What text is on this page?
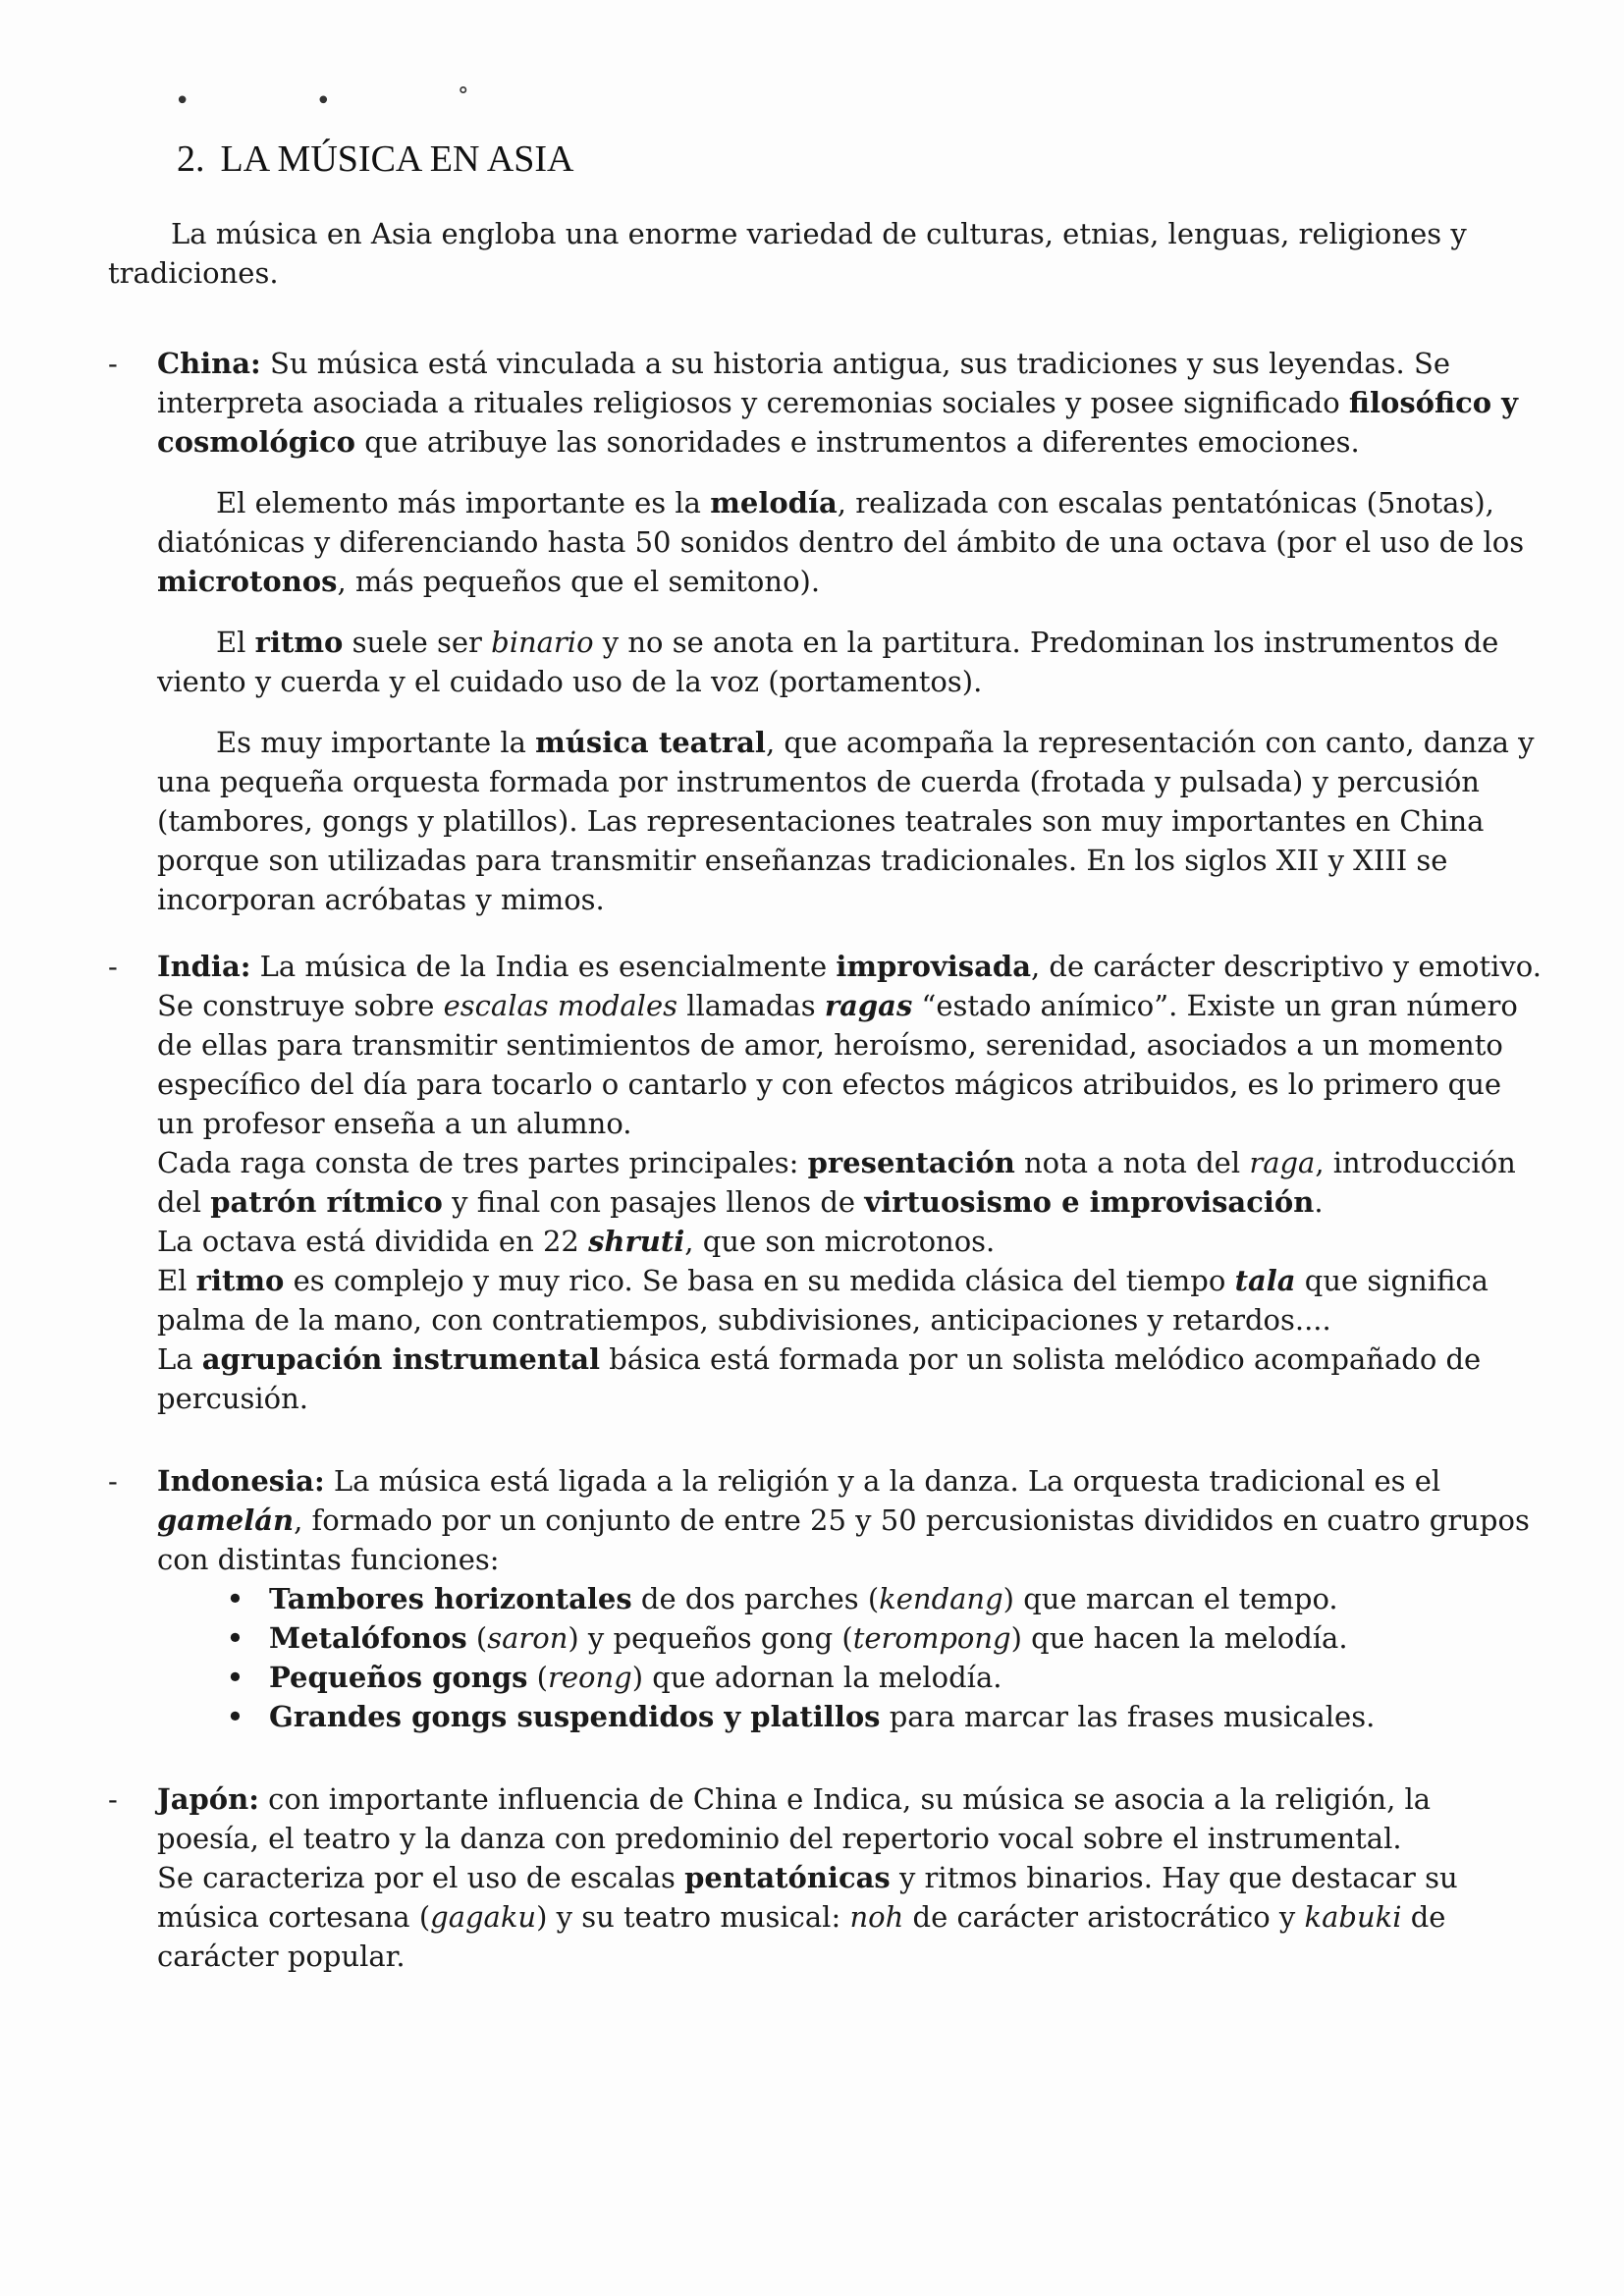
• • ˚
2. LA MÚSICA EN ASIA

La música en Asia engloba una enorme variedad de culturas, etnias, lenguas, religiones y tradiciones.

- China: Su música está vinculada a su historia antigua, sus tradiciones y sus leyendas. Se interpreta asociada a rituales religiosos y ceremonias sociales y posee significado filosófico y cosmológico que atribuye las sonoridades e instrumentos a diferentes emociones.

El elemento más importante es la melodía, realizada con escalas pentatónicas (5notas), diatónicas y diferenciando hasta 50 sonidos dentro del ámbito de una octava (por el uso de los microtonos, más pequeños que el semitono).

El ritmo suele ser binario y no se anota en la partitura. Predominan los instrumentos de viento y cuerda y el cuidado uso de la voz (portamentos).

Es muy importante la música teatral, que acompaña la representación con canto, danza y una pequeña orquesta formada por instrumentos de cuerda (frotada y pulsada) y percusión (tambores, gongs y platillos). Las representaciones teatrales son muy importantes en China porque son utilizadas para transmitir enseñanzas tradicionales. En los siglos XII y XIII se incorporan acróbatas y mimos.

- India: La música de la India es esencialmente improvisada, de carácter descriptivo y emotivo. Se construye sobre escalas modales llamadas ragas “estado anímico”. Existe un gran número de ellas para transmitir sentimientos de amor, heroísmo, serenidad, asociados a un momento específico del día para tocarlo o cantarlo y con efectos mágicos atribuidos, es lo primero que un profesor enseña a un alumno.

Cada raga consta de tres partes principales: presentación nota a nota del raga, introducción del patrón rítmico y final con pasajes llenos de virtuosismo e improvisación.

La octava está dividida en 22 shruti, que son microtonos.

El ritmo es complejo y muy rico. Se basa en su medida clásica del tiempo tala que significa palma de la mano, con contratiempos, subdivisiones, anticipaciones y retardos....

La agrupación instrumental básica está formada por un solista melódico acompañado de percusión.

- Indonesia: La música está ligada a la religión y a la danza. La orquesta tradicional es el gamelán, formado por un conjunto de entre 25 y 50 percusionistas divididos en cuatro grupos con distintas funciones:

• Tambores horizontales de dos parches (kendang) que marcan el tempo.
• Metalófonos (saron) y pequeños gong (terompong) que hacen la melodía.
• Pequeños gongs (reong) que adornan la melodía.
• Grandes gongs suspendidos y platillos para marcar las frases musicales.
- Japón: con importante influencia de China e Indica, su música se asocia a la religión, la poesía, el teatro y la danza con predominio del repertorio vocal sobre el instrumental.

Se caracteriza por el uso de escalas pentatónicas y ritmos binarios. Hay que destacar su música cortesana (gagaku) y su teatro musical: noh de carácter aristocrático y kabuki de carácter popular.
